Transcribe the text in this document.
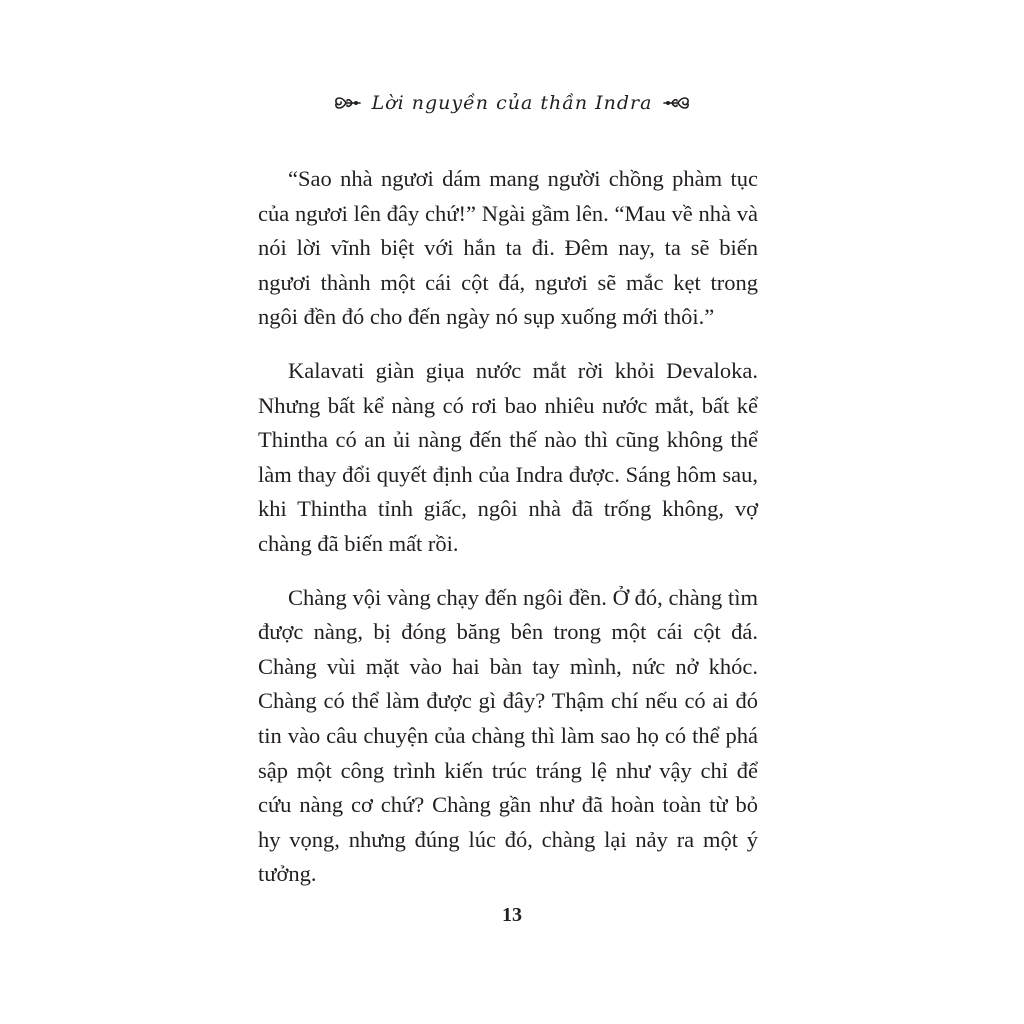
Lời nguyền của thần Indra

“Sao nhà ngươi dám mang người chồng phàm tục của ngươi lên đây chứ!” Ngài gầm lên. “Mau về nhà và nói lời vĩnh biệt với hắn ta đi. Đêm nay, ta sẽ biến ngươi thành một cái cột đá, ngươi sẽ mắc kẹt trong ngôi đền đó cho đến ngày nó sụp xuống mới thôi.”

Kalavati giàn giụa nước mắt rời khỏi Devaloka. Nhưng bất kể nàng có rơi bao nhiêu nước mắt, bất kể Thintha có an ủi nàng đến thế nào thì cũng không thể làm thay đổi quyết định của Indra được. Sáng hôm sau, khi Thintha tỉnh giấc, ngôi nhà đã trống không, vợ chàng đã biến mất rồi.

Chàng vội vàng chạy đến ngôi đền. Ở đó, chàng tìm được nàng, bị đóng băng bên trong một cái cột đá. Chàng vùi mặt vào hai bàn tay mình, nức nở khóc. Chàng có thể làm được gì đây? Thậm chí nếu có ai đó tin vào câu chuyện của chàng thì làm sao họ có thể phá sập một công trình kiến trúc tráng lệ như vậy chỉ để cứu nàng cơ chứ? Chàng gần như đã hoàn toàn từ bỏ hy vọng, nhưng đúng lúc đó, chàng lại nảy ra một ý tưởng.

13
